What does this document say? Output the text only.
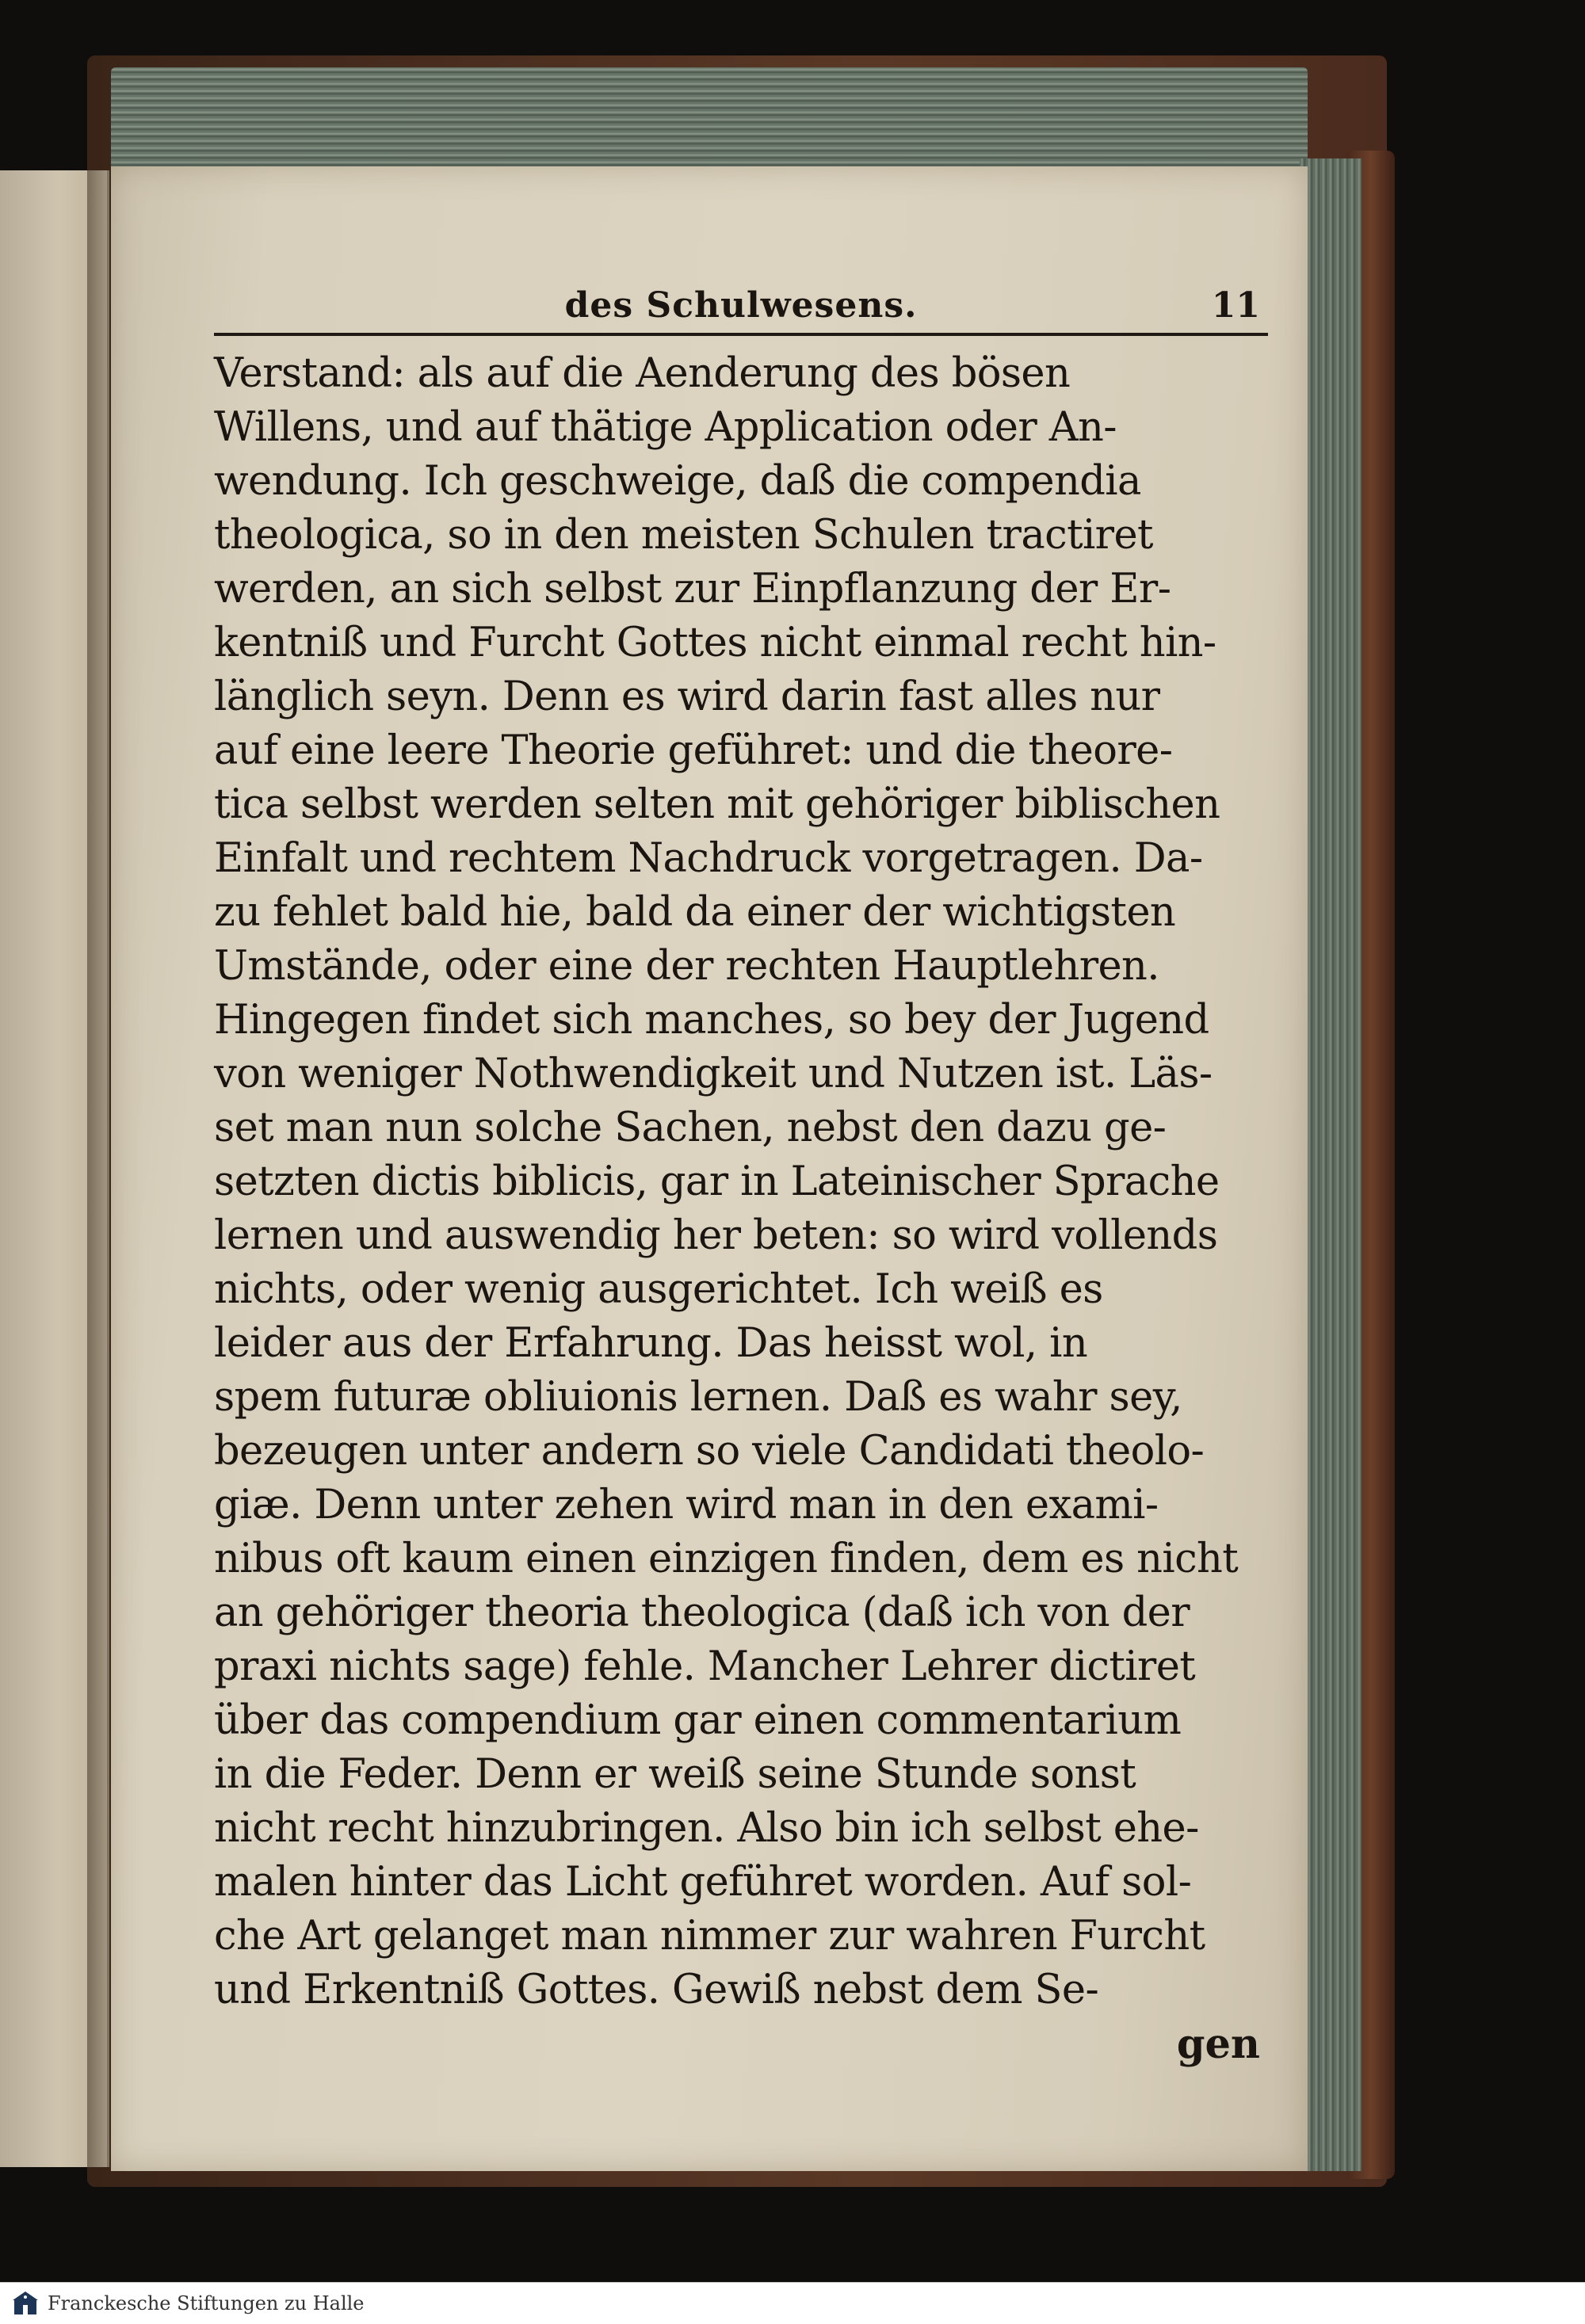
des Schulwesens.	11
Verstand: als auf die Aenderung des bösen
Willens, und auf thätige Application oder An-
wendung. Ich geschweige, daß die compendia
theologica, so in den meisten Schulen tractiret
werden, an sich selbst zur Einpflanzung der Er-
kentniß und Furcht Gottes nicht einmal recht hin-
länglich seyn. Denn es wird darin fast alles nur
auf eine leere Theorie geführet: und die theore-
tica selbst werden selten mit gehöriger biblischen
Einfalt und rechtem Nachdruck vorgetragen. Da-
zu fehlet bald hie, bald da einer der wichtigsten
Umstände, oder eine der rechten Hauptlehren.
Hingegen findet sich manches, so bey der Jugend
von weniger Nothwendigkeit und Nutzen ist. Läs-
set man nun solche Sachen, nebst den dazu ge-
setzten dictis biblicis, gar in Lateinischer Sprache
lernen und auswendig her beten: so wird vollends
nichts, oder wenig ausgerichtet. Ich weiß es
leider aus der Erfahrung. Das heisst wol, in
spem futuræ obliuionis lernen. Daß es wahr sey,
bezeugen unter andern so viele Candidati theolo-
giæ. Denn unter zehen wird man in den exami-
nibus oft kaum einen einzigen finden, dem es nicht
an gehöriger theoria theologica (daß ich von der
praxi nichts sage) fehle. Mancher Lehrer dictiret
über das compendium gar einen commentarium
in die Feder. Denn er weiß seine Stunde sonst
nicht recht hinzubringen. Also bin ich selbst ehe-
malen hinter das Licht geführet worden. Auf sol-
che Art gelanget man nimmer zur wahren Furcht
und Erkentniß Gottes. Gewiß nebst dem Se-
gen
Franckesche Stiftungen zu Halle
